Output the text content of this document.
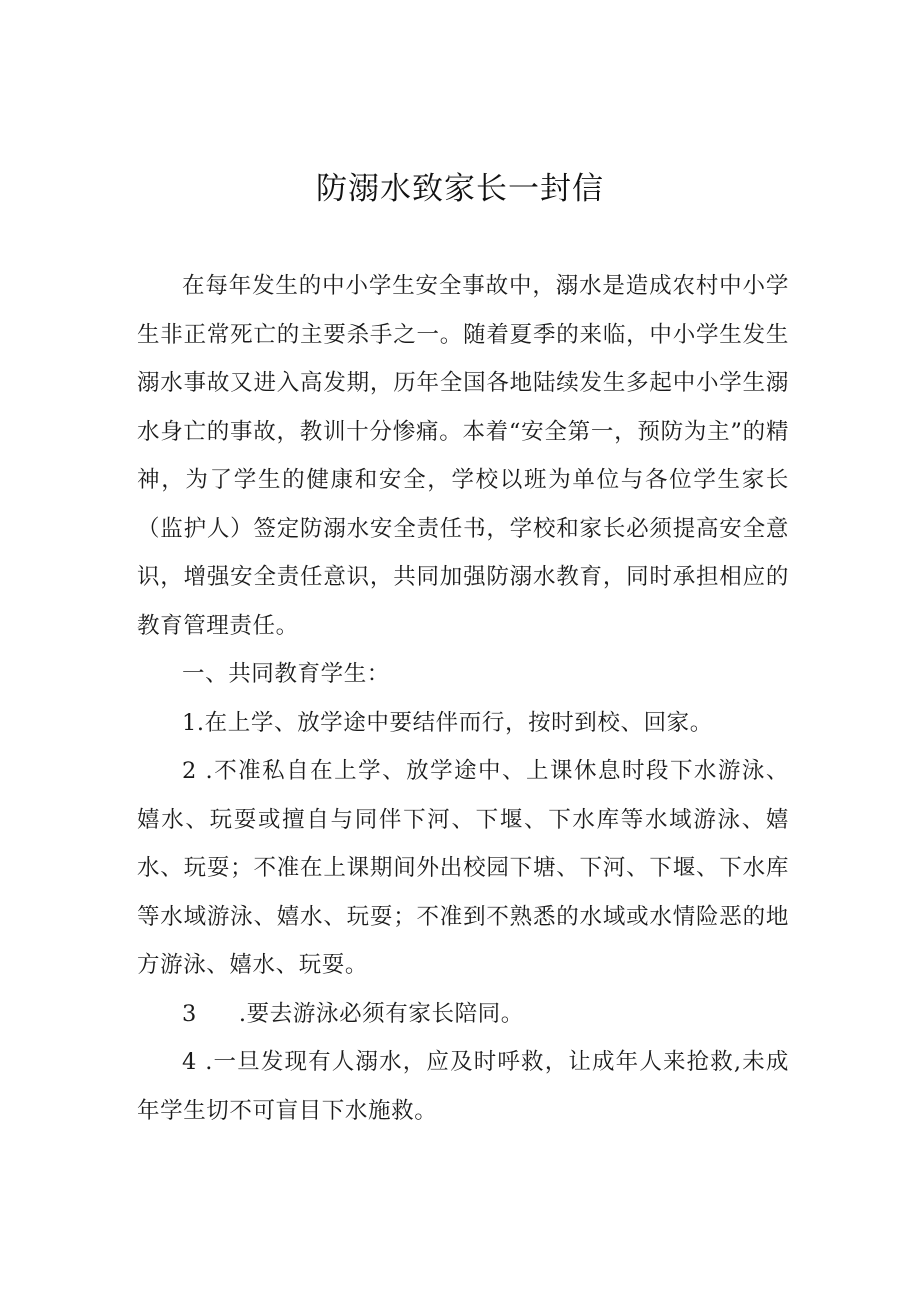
防溺水致家长一封信

在每年发生的中小学生安全事故中，溺水是造成农村中小学生非正常死亡的主要杀手之一。随着夏季的来临，中小学生发生溺水事故又进入高发期，历年全国各地陆续发生多起中小学生溺水身亡的事故，教训十分惨痛。本着“安全第一，预防为主”的精神，为了学生的健康和安全，学校以班为单位与各位学生家长（监护人）签定防溺水安全责任书，学校和家长必须提高安全意识，增强安全责任意识，共同加强防溺水教育，同时承担相应的教育管理责任。

一、共同教育学生：

1.在上学、放学途中要结伴而行，按时到校、回家。

2 .不准私自在上学、放学途中、上课休息时段下水游泳、嬉水、玩耍或擅自与同伴下河、下堰、下水库等水域游泳、嬉水、玩耍；不准在上课期间外出校园下塘、下河、下堰、下水库等水域游泳、嬉水、玩耍；不准到不熟悉的水域或水情险恶的地方游泳、嬉水、玩耍。

3 .要去游泳必须有家长陪同。

4 .一旦发现有人溺水，应及时呼救，让成年人来抢救,未成年学生切不可盲目下水施救。
